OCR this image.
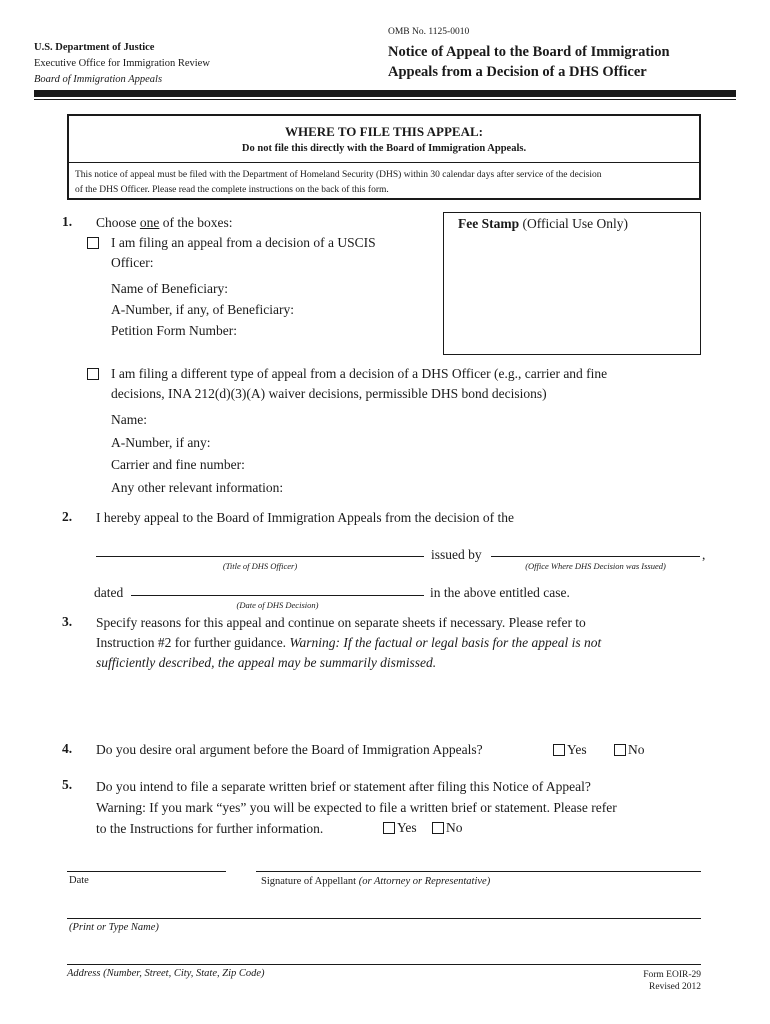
U.S. Department of Justice
Executive Office for Immigration Review
Board of Immigration Appeals
OMB No. 1125-0010
Notice of Appeal to the Board of Immigration
Appeals from a Decision of a DHS Officer
WHERE TO FILE THIS APPEAL:
Do not file this directly with the Board of Immigration Appeals.
This notice of appeal must be filed with the Department of Homeland Security (DHS) within 30 calendar days after service of the decision
of the DHS Officer. Please read the complete instructions on the back of this form.
1. Choose one of the boxes:
I am filing an appeal from a decision of a USCIS
Officer:
Name of Beneficiary:
A-Number, if any, of Beneficiary:
Petition Form Number:
Fee Stamp (Official Use Only)
I am filing a different type of appeal from a decision of a DHS Officer (e.g., carrier and fine
decisions, INA 212(d)(3)(A) waiver decisions, permissible DHS bond decisions)
Name:
A-Number, if any:
Carrier and fine number:
Any other relevant information:
2. I hereby appeal to the Board of Immigration Appeals from the decision of the
issued by	,
(Title of DHS Officer)	(Office Where DHS Decision was Issued)
dated	in the above entitled case.
(Date of DHS Decision)
3. Specify reasons for this appeal and continue on separate sheets if necessary. Please refer to
Instruction #2 for further guidance. Warning: If the factual or legal basis for the appeal is not
sufficiently described, the appeal may be summarily dismissed.
4. Do you desire oral argument before the Board of Immigration Appeals?	Yes	No
5. Do you intend to file a separate written brief or statement after filing this Notice of Appeal?
Warning: If you mark “yes” you will be expected to file a written brief or statement. Please refer
to the Instructions for further information.	Yes No
Date	Signature of Appellant (or Attorney or Representative)
(Print or Type Name)
Address (Number, Street, City, State, Zip Code)	Form EOIR-29
Revised 2012
